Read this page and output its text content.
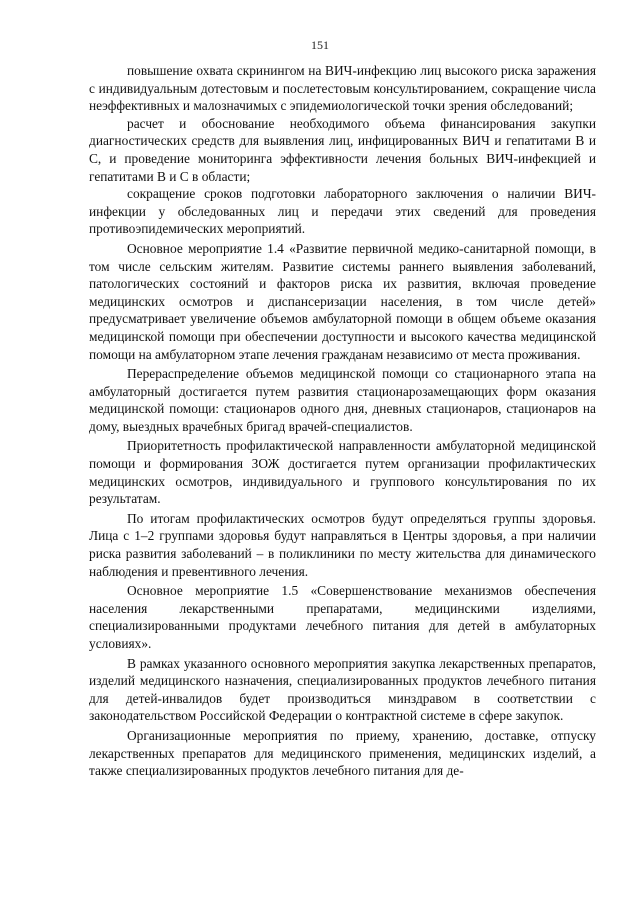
151

повышение охвата скринингом на ВИЧ-инфекцию лиц высокого риска заражения с индивидуальным дотестовым и послетестовым консультированием, сокращение числа неэффективных и малозначимых с эпидемиологической точки зрения обследований;

расчет и обоснование необходимого объема финансирования закупки диагностических средств для выявления лиц, инфицированных ВИЧ и гепатитами В и С, и проведение мониторинга эффективности лечения больных ВИЧ-инфекцией и гепатитами В и С в области;

сокращение сроков подготовки лабораторного заключения о наличии ВИЧ-инфекции у обследованных лиц и передачи этих сведений для проведения противоэпидемических мероприятий.

Основное мероприятие 1.4 «Развитие первичной медико-санитарной помощи, в том числе сельским жителям. Развитие системы раннего выявления заболеваний, патологических состояний и факторов риска их развития, включая проведение медицинских осмотров и диспансеризации населения, в том числе детей» предусматривает увеличение объемов амбулаторной помощи в общем объеме оказания медицинской помощи при обеспечении доступности и высокого качества медицинской помощи на амбулаторном этапе лечения гражданам независимо от места проживания.

Перераспределение объемов медицинской помощи со стационарного этапа на амбулаторный достигается путем развития стационарозамещающих форм оказания медицинской помощи: стационаров одного дня, дневных стационаров, стационаров на дому, выездных врачебных бригад врачей-специалистов.

Приоритетность профилактической направленности амбулаторной медицинской помощи и формирования ЗОЖ достигается путем организации профилактических медицинских осмотров, индивидуального и группового консультирования по их результатам.

По итогам профилактических осмотров будут определяться группы здоровья. Лица с 1–2 группами здоровья будут направляться в Центры здоровья, а при наличии риска развития заболеваний – в поликлиники по месту жительства для динамического наблюдения и превентивного лечения.

Основное мероприятие 1.5 «Совершенствование механизмов обеспечения населения лекарственными препаратами, медицинскими изделиями, специализированными продуктами лечебного питания для детей в амбулаторных условиях».

В рамках указанного основного мероприятия закупка лекарственных препаратов, изделий медицинского назначения, специализированных продуктов лечебного питания для детей-инвалидов будет производиться минздравом в соответствии с законодательством Российской Федерации о контрактной системе в сфере закупок.

Организационные мероприятия по приему, хранению, доставке, отпуску лекарственных препаратов для медицинского применения, медицинских изделий, а также специализированных продуктов лечебного питания для де-
